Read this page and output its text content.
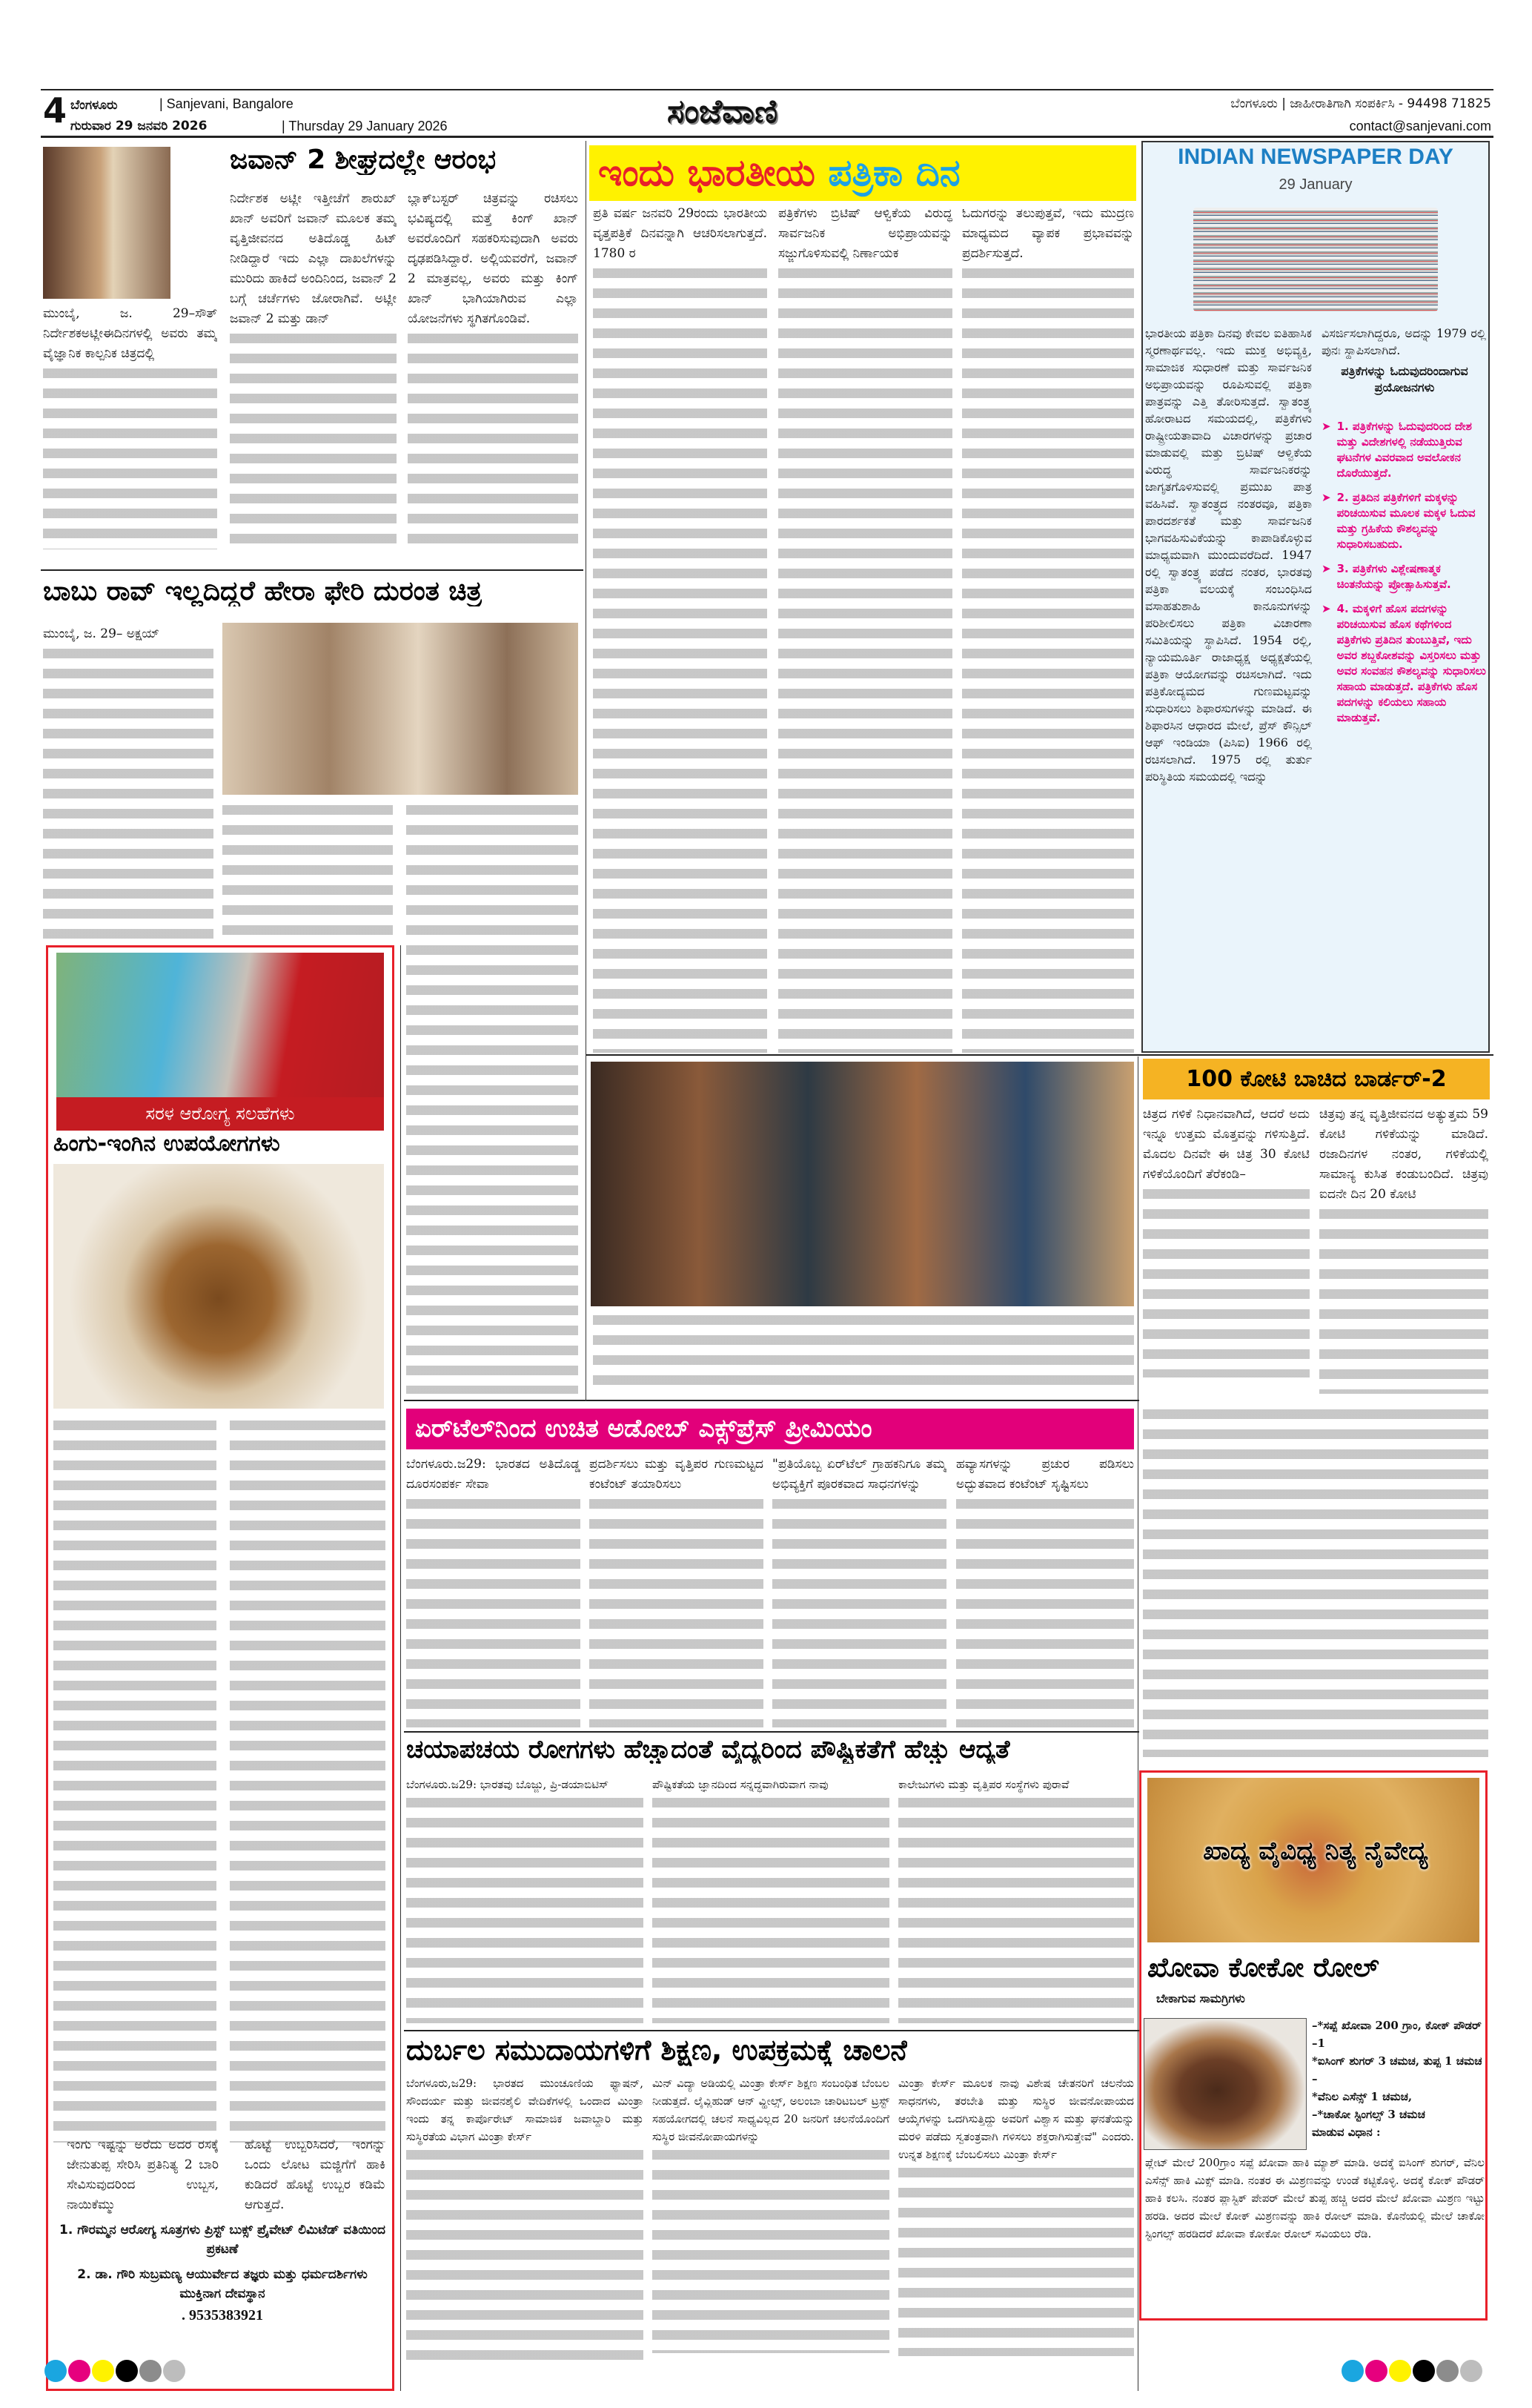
4 ಬೆಂಗಳೂರು	| Sanjevani, Bangalore
ಗುರುವಾರ 29 ಜನವರಿ 2026	| Thursday 29 January 2026	ಸಂಜೆವಾಣಿ	ಬೆಂಗಳೂರು | ಜಾಹೀರಾತಿಗಾಗಿ ಸಂಪರ್ಕಿಸಿ - 94498 71825
contact@sanjevani.com
ಜವಾನ್ 2 ಶೀಘ್ರದಲ್ಲೇ ಆರಂಭ
ನಿರ್ದೇಶಕ ಅಟ್ಲೀ ಇತ್ತೀಚೆಗೆ ಶಾರುಖ್ ಖಾನ್ ಅವರಿಗೆ ಜವಾನ್ ಮೂಲಕ ತಮ್ಮ ವೃತ್ತಿಜೀವನದ ಅತಿದೊಡ್ಡ ಹಿಟ್ ನೀಡಿದ್ದಾರೆ ಇದು ಎಲ್ಲಾ ದಾಖಲೆಗಳನ್ನು ಮುರಿದು ಹಾಕಿದೆ ಅಂದಿನಿಂದ, ಜವಾನ್ 2 ಬಗ್ಗೆ ಚರ್ಚೆಗಳು ಜೋರಾಗಿವೆ. ಅಟ್ಲೀ ಜವಾನ್ 2 ಮತ್ತು ಡಾನ್
ಬ್ಲಾಕ್‌ಬಸ್ಟರ್ ಚಿತ್ರವನ್ನು ರಚಿಸಲು ಭವಿಷ್ಯದಲ್ಲಿ ಮತ್ತೆ ಕಿಂಗ್ ಖಾನ್ ಅವರೊಂದಿಗೆ ಸಹಕರಿಸುವುದಾಗಿ ಅವರು ದೃಢಪಡಿಸಿದ್ದಾರೆ. ಅಲ್ಲಿಯವರೆಗೆ, ಜವಾನ್ 2 ಮಾತ್ರವಲ್ಲ, ಅವರು ಮತ್ತು ಕಿಂಗ್ ಖಾನ್ ಭಾಗಿಯಾಗಿರುವ ಎಲ್ಲಾ ಯೋಜನೆಗಳು ಸ್ಥಗಿತಗೊಂಡಿವೆ.
ಮುಂಬೈ, ಜ. 29–ಸೌತ್ ನಿರ್ದೇಶಕಅಟ್ಲೀಈದಿನಗಳಲ್ಲಿ ಅವರು ತಮ್ಮ ವೈಜ್ಞಾನಿಕ ಕಾಲ್ಪನಿಕ ಚಿತ್ರದಲ್ಲಿ
ಬಾಬು ರಾವ್ ಇಲ್ಲದಿದ್ದರೆ ಹೇರಾ ಫೇರಿ ದುರಂತ ಚಿತ್ರ
ಮುಂಬೈ, ಜ. 29– ಅಕ್ಷಯ್
ಸರಳ ಆರೋಗ್ಯ ಸಲಹೆಗಳು
ಹಿಂಗು-ಇಂಗಿನ ಉಪಯೋಗಗಳು
ಇಂಗು ಇಷ್ಟನ್ನು ಅರೆದು ಅದರ ರಸಕ್ಕೆ ಜೇನುತುಪ್ಪ ಸೇರಿಸಿ ಪ್ರತಿನಿತ್ಯ 2 ಬಾರಿ ಸೇವಿಸುವುದರಿಂದ ಉಬ್ಬಸ, ನಾಯಿಕೆಮ್ಮು
ಹೊಟ್ಟೆ ಉಬ್ಬರಿಸಿದರೆ, ಇಂಗನ್ನು ಒಂದು ಲೋಟ ಮಜ್ಜಿಗೆಗೆ ಹಾಕಿ ಕುಡಿದರೆ ಹೊಟ್ಟೆ ಉಬ್ಬರ ಕಡಿಮೆ ಆಗುತ್ತದೆ.
1. ಗೌರಮ್ಮನ ಆರೋಗ್ಯ ಸೂತ್ರಗಳು ಪ್ರಿಸ್ಟ್ ಬುಕ್ಸ್ ಪ್ರೈವೇಟ್ ಲಿಮಿಟೆಡ್ ವತಿಯಿಂದ ಪ್ರಕಟಣೆ
2. ಡಾ. ಗೌರಿ ಸುಬ್ರಮಣ್ಯ ಆಯುರ್ವೇದ ತಜ್ಞರು ಮತ್ತು ಧರ್ಮದರ್ಶಿಗಳು ಮುಕ್ತಿನಾಗ ದೇವಸ್ಥಾನ
. 9535383921
ಇಂದು ಭಾರತೀಯ ಪತ್ರಿಕಾ ದಿನ
ಪ್ರತಿ ವರ್ಷ ಜನವರಿ 29ರಂದು ಭಾರತೀಯ ವೃತ್ತಪತ್ರಿಕೆ ದಿನವನ್ನಾಗಿ ಆಚರಿಸಲಾಗುತ್ತದೆ. 1780 ರ
ಪತ್ರಿಕೆಗಳು ಬ್ರಿಟಿಷ್ ಆಳ್ವಿಕೆಯ ವಿರುದ್ಧ ಸಾರ್ವಜನಿಕ ಅಭಿಪ್ರಾಯವನ್ನು ಸಜ್ಜುಗೊಳಿಸುವಲ್ಲಿ ನಿರ್ಣಾಯಕ
ಓದುಗರನ್ನು ತಲುಪುತ್ತವೆ, ಇದು ಮುದ್ರಣ ಮಾಧ್ಯಮದ ವ್ಯಾಪಕ ಪ್ರಭಾವವನ್ನು ಪ್ರದರ್ಶಿಸುತ್ತದೆ.
INDIAN NEWSPAPER DAY
29 January
ಭಾರತೀಯ ಪತ್ರಿಕಾ ದಿನವು ಕೇವಲ ಐತಿಹಾಸಿಕ ಸ್ಮರಣಾರ್ಥವಲ್ಲ. ಇದು ಮುಕ್ತ ಅಭಿವ್ಯಕ್ತಿ, ಸಾಮಾಜಿಕ ಸುಧಾರಣೆ ಮತ್ತು ಸಾರ್ವಜನಿಕ ಅಭಿಪ್ರಾಯವನ್ನು ರೂಪಿಸುವಲ್ಲಿ ಪತ್ರಿಕಾ ಪಾತ್ರವನ್ನು ಎತ್ತಿ ತೋರಿಸುತ್ತದೆ. ಸ್ವಾತಂತ್ರ್ಯ ಹೋರಾಟದ ಸಮಯದಲ್ಲಿ, ಪತ್ರಿಕೆಗಳು ರಾಷ್ಟ್ರೀಯತಾವಾದಿ ವಿಚಾರಗಳನ್ನು ಪ್ರಚಾರ ಮಾಡುವಲ್ಲಿ ಮತ್ತು ಬ್ರಿಟಿಷ್ ಆಳ್ವಿಕೆಯ ವಿರುದ್ಧ ಸಾರ್ವಜನಿಕರನ್ನು ಜಾಗೃತಗೊಳಿಸುವಲ್ಲಿ ಪ್ರಮುಖ ಪಾತ್ರ ವಹಿಸಿವೆ. ಸ್ವಾತಂತ್ರ್ಯದ ನಂತರವೂ, ಪತ್ರಿಕಾ ಪಾರದರ್ಶಕತೆ ಮತ್ತು ಸಾರ್ವಜನಿಕ ಭಾಗವಹಿಸುವಿಕೆಯನ್ನು ಕಾಪಾಡಿಕೊಳ್ಳುವ ಮಾಧ್ಯಮವಾಗಿ ಮುಂದುವರೆದಿದೆ. 1947 ರಲ್ಲಿ ಸ್ವಾತಂತ್ರ್ಯ ಪಡೆದ ನಂತರ, ಭಾರತವು ಪತ್ರಿಕಾ ವಲಯಕ್ಕೆ ಸಂಬಂಧಿಸಿದ ವಸಾಹತುಶಾಹಿ ಕಾನೂನುಗಳನ್ನು ಪರಿಶೀಲಿಸಲು ಪತ್ರಿಕಾ ವಿಚಾರಣಾ ಸಮಿತಿಯನ್ನು ಸ್ಥಾಪಿಸಿದೆ. 1954 ರಲ್ಲಿ, ನ್ಯಾಯಮೂರ್ತಿ ರಾಜಾಧ್ಯಕ್ಷ ಅಧ್ಯಕ್ಷತೆಯಲ್ಲಿ ಪತ್ರಿಕಾ ಆಯೋಗವನ್ನು ರಚಿಸಲಾಗಿದೆ. ಇದು ಪತ್ರಿಕೋದ್ಯಮದ ಗುಣಮಟ್ಟವನ್ನು ಸುಧಾರಿಸಲು ಶಿಫಾರಸುಗಳನ್ನು ಮಾಡಿದೆ. ಈ ಶಿಫಾರಸಿನ ಆಧಾರದ ಮೇಲೆ, ಪ್ರೆಸ್ ಕೌನ್ಸಿಲ್ ಆಫ್ ಇಂಡಿಯಾ (ಪಿಸಿಐ) 1966 ರಲ್ಲಿ ರಚಿಸಲಾಗಿದೆ. 1975 ರಲ್ಲಿ ತುರ್ತು ಪರಿಸ್ಥಿತಿಯ ಸಮಯದಲ್ಲಿ ಇದನ್ನು
ವಿಸರ್ಜಿಸಲಾಗಿದ್ದರೂ, ಅದನ್ನು 1979 ರಲ್ಲಿ ಪುನಃ ಸ್ಥಾಪಿಸಲಾಗಿದೆ.
ಪತ್ರಿಕೆಗಳನ್ನು ಓದುವುದರಿಂದಾಗುವ ಪ್ರಯೋಜನಗಳು
➤ 1. ಪತ್ರಿಕೆಗಳನ್ನು ಓದುವುದರಿಂದ ದೇಶ ಮತ್ತು ವಿದೇಶಗಳಲ್ಲಿ ನಡೆಯುತ್ತಿರುವ ಘಟನೆಗಳ ವಿವರವಾದ ಅವಲೋಕನ ದೊರೆಯುತ್ತದೆ.
➤ 2. ಪ್ರತಿದಿನ ಪತ್ರಿಕೆಗಳಿಗೆ ಮಕ್ಕಳನ್ನು ಪರಿಚಯಿಸುವ ಮೂಲಕ ಮಕ್ಕಳ ಓದುವ ಮತ್ತು ಗ್ರಹಿಕೆಯ ಕೌಶಲ್ಯವನ್ನು ಸುಧಾರಿಸಬಹುದು.
➤ 3. ಪತ್ರಿಕೆಗಳು ವಿಶ್ಲೇಷಣಾತ್ಮಕ ಚಿಂತನೆಯನ್ನು ಪ್ರೋತ್ಸಾಹಿಸುತ್ತವೆ.
➤ 4. ಮಕ್ಕಳಿಗೆ ಹೊಸ ಪದಗಳನ್ನು ಪರಿಚಯಿಸುವ ಹೊಸ ಕಥೆಗಳಿಂದ ಪತ್ರಿಕೆಗಳು ಪ್ರತಿದಿನ ತುಂಬುತ್ತಿವೆ, ಇದು ಅವರ ಶಬ್ದಕೋಶವನ್ನು ವಿಸ್ತರಿಸಲು ಮತ್ತು ಅವರ ಸಂವಹನ ಕೌಶಲ್ಯವನ್ನು ಸುಧಾರಿಸಲು ಸಹಾಯ ಮಾಡುತ್ತದೆ. ಪತ್ರಿಕೆಗಳು ಹೊಸ ಪದಗಳನ್ನು ಕಲಿಯಲು ಸಹಾಯ ಮಾಡುತ್ತವೆ.
100 ಕೋಟಿ ಬಾಚಿದ ಬಾರ್ಡರ್-2
ಚಿತ್ರದ ಗಳಿಕೆ ನಿಧಾನವಾಗಿದೆ, ಆದರೆ ಅದು ಇನ್ನೂ ಉತ್ತಮ ಮೊತ್ತವನ್ನು ಗಳಿಸುತ್ತಿದೆ. ಮೊದಲ ದಿನವೇ ಈ ಚಿತ್ರ 30 ಕೋಟಿ ಗಳಿಕೆಯೊಂದಿಗೆ ತೆರೆಕಂಡಿ–
ಚಿತ್ರವು ತನ್ನ ವೃತ್ತಿಜೀವನದ ಅತ್ಯುತ್ತಮ 59 ಕೋಟಿ ಗಳಿಕೆಯನ್ನು ಮಾಡಿದೆ. ರಜಾದಿನಗಳ ನಂತರ, ಗಳಿಕೆಯಲ್ಲಿ ಸಾಮಾನ್ಯ ಕುಸಿತ ಕಂಡುಬಂದಿದೆ. ಚಿತ್ರವು ಐದನೇ ದಿನ 20 ಕೋಟಿ
ಏರ್‌ಟೆಲ್‌ನಿಂದ ಉಚಿತ ಅಡೋಬ್ ಎಕ್ಸ್‌ಪ್ರೆಸ್ ಪ್ರೀಮಿಯಂ
ಬೆಂಗಳೂರು.ಜ29: ಭಾರತದ ಅತಿದೊಡ್ಡ ದೂರಸಂಪರ್ಕ ಸೇವಾ
ಪ್ರದರ್ಶಿಸಲು ಮತ್ತು ವೃತ್ತಿಪರ ಗುಣಮಟ್ಟದ ಕಂಟೆಂಟ್ ತಯಾರಿಸಲು
"ಪ್ರತಿಯೊಬ್ಬ ಏರ್‌ಟೆಲ್ ಗ್ರಾಹಕನಿಗೂ ತಮ್ಮ ಅಭಿವ್ಯಕ್ತಿಗೆ ಪೂರಕವಾದ ಸಾಧನಗಳನ್ನು
ಹವ್ಯಾಸಗಳನ್ನು ಪ್ರಚುರ ಪಡಿಸಲು ಅದ್ಭುತವಾದ ಕಂಟೆಂಟ್ ಸೃಷ್ಟಿಸಲು
ಚಯಾಪಚಯ ರೋಗಗಳು ಹೆಚ್ಚಾದಂತೆ ವೈದ್ಯರಿಂದ ಪೌಷ್ಟಿಕತೆಗೆ ಹೆಚ್ಚು ಆದ್ಯತೆ
ಬೆಂಗಳೂರು.ಜ29: ಭಾರತವು ಬೊಜ್ಜು, ಪ್ರಿ-ಡಯಾಬಿಟಿಸ್	ಪೌಷ್ಟಿಕತೆಯ ಜ್ಞಾನದಿಂದ ಸನ್ನದ್ಧವಾಗಿರುವಾಗ ನಾವು	ಕಾಲೇಜುಗಳು ಮತ್ತು ವೃತ್ತಿಪರ ಸಂಸ್ಥೆಗಳು ಪುರಾವೆ
ದುರ್ಬಲ ಸಮುದಾಯಗಳಿಗೆ ಶಿಕ್ಷಣ, ಉಪಕ್ರಮಕ್ಕೆ ಚಾಲನೆ
ಬೆಂಗಳೂರು,ಜ29: ಭಾರತದ ಮುಂಚೂಣಿಯ ಫ್ಯಾಷನ್, ಸೌಂದರ್ಯ ಮತ್ತು ಜೀವನಶೈಲಿ ವೇದಿಕೆಗಳಲ್ಲಿ ಒಂದಾದ ಮಿಂತ್ರಾ ಇಂದು ತನ್ನ ಕಾರ್ಪೊರೇಟ್ ಸಾಮಾಜಿಕ ಜವಾಬ್ದಾರಿ ಮತ್ತು ಸುಸ್ಥಿರತೆಯ ವಿಭಾಗ ಮಿಂತ್ರಾ ಕೇರ್ಸ್
ಮಿನ್ ವಿದ್ಯಾ ಅಡಿಯಲ್ಲಿ ಮಿಂತ್ರಾ ಕೇರ್ಸ್ ಶಿಕ್ಷಣ ಸಂಬಂಧಿತ ಬೆಂಬಲ ನೀಡುತ್ತದೆ. ಲೈವ್ಲಿಹುಡ್ ಆನ್ ವ್ಹೀಲ್ಸ್, ಅಲಂಬಾ ಚಾರಿಟಬಲ್ ಟ್ರಸ್ಟ್ ಸಹಯೋಗದಲ್ಲಿ ಚಲನೆ ಸಾಧ್ಯವಿಲ್ಲದ 20 ಜನರಿಗೆ ಚಲನೆಯೊಂದಿಗೆ ಸುಸ್ಥಿರ ಜೀವನೋಪಾಯಗಳನ್ನು
ಮಿಂತ್ರಾ ಕೇರ್ಸ್ ಮೂಲಕ ನಾವು ವಿಶೇಷ ಚೇತನರಿಗೆ ಚಲನೆಯ ಸಾಧನಗಳು, ತರಬೇತಿ ಮತ್ತು ಸುಸ್ಥಿರ ಜೀವನೋಪಾಯದ ಆಯ್ಕೆಗಳನ್ನು ಒದಗಿಸುತ್ತಿದ್ದು ಅವರಿಗೆ ವಿಶ್ವಾಸ ಮತ್ತು ಘನತೆಯನ್ನು ಮರಳಿ ಪಡೆದು ಸ್ವತಂತ್ರವಾಗಿ ಗಳಿಸಲು ಶಕ್ತರಾಗಿಸುತ್ತೇವೆ" ಎಂದರು. ಉನ್ನತ ಶಿಕ್ಷಣಕ್ಕೆ ಬೆಂಬಲಿಸಲು ಮಿಂತ್ರಾ ಕೇರ್ಸ್
ಖಾದ್ಯ ವೈವಿಧ್ಯ ನಿತ್ಯ ನೈವೇದ್ಯ
ಖೋವಾ ಕೋಕೋ ರೋಲ್
ಬೇಕಾಗುವ ಸಾಮಗ್ರಿಗಳು
–*ಸಪ್ಪೆ ಖೋವಾ 200 ಗ್ರಾಂ, ಕೋಕ್ ಪೌಡರ್ –1
*ಐಸಿಂಗ್ ಶುಗರ್ 3 ಚಮಚ, ತುಪ್ಪ 1 ಚಮಚ –
*ವೆನಿಲ ಎಸೆನ್ಸ್ 1 ಚಮಚ,
–*ಚಾಕೋ ಸ್ಟಿಂಗಲ್ಸ್ 3 ಚಮಚ
ಮಾಡುವ ವಿಧಾನ :
ಪ್ಲೇಟ್ ಮೇಲೆ 200ಗ್ರಾಂ ಸಪ್ಪೆ ಖೋವಾ ಹಾಕಿ ಮ್ಯಾಶ್ ಮಾಡಿ. ಅದಕ್ಕೆ ಐಸಿಂಗ್ ಶುಗರ್, ವೆನಿಲ ಎಸೆನ್ಸ್ ಹಾಕಿ ಮಿಕ್ಸ್ ಮಾಡಿ. ನಂತರ ಈ ಮಿಶ್ರಣವನ್ನು ಉಂಡೆ ಕಟ್ಟಿಕೊಳ್ಳಿ. ಅದಕ್ಕೆ ಕೋಕ್ ಪೌಡರ್ ಹಾಕಿ ಕಲಸಿ. ನಂತರ ಪ್ಲಾಸ್ಟಿಕ್ ಪೇಪರ್ ಮೇಲೆ ತುಪ್ಪ ಹಚ್ಚಿ ಅದರ ಮೇಲೆ ಖೋವಾ ಮಿಶ್ರಣ ಇಟ್ಟು ಹರಡಿ. ಅದರ ಮೇಲೆ ಕೋಕ್ ಮಿಶ್ರಣವನ್ನು ಹಾಕಿ ರೋಲ್ ಮಾಡಿ. ಕೊನೆಯಲ್ಲಿ ಮೇಲೆ ಚಾಕೋ ಸ್ಟಿಂಗಲ್ಸ್ ಹರಡಿದರೆ ಖೋವಾ ಕೋಕೋ ರೋಲ್ ಸವಿಯಲು ರೆಡಿ.
